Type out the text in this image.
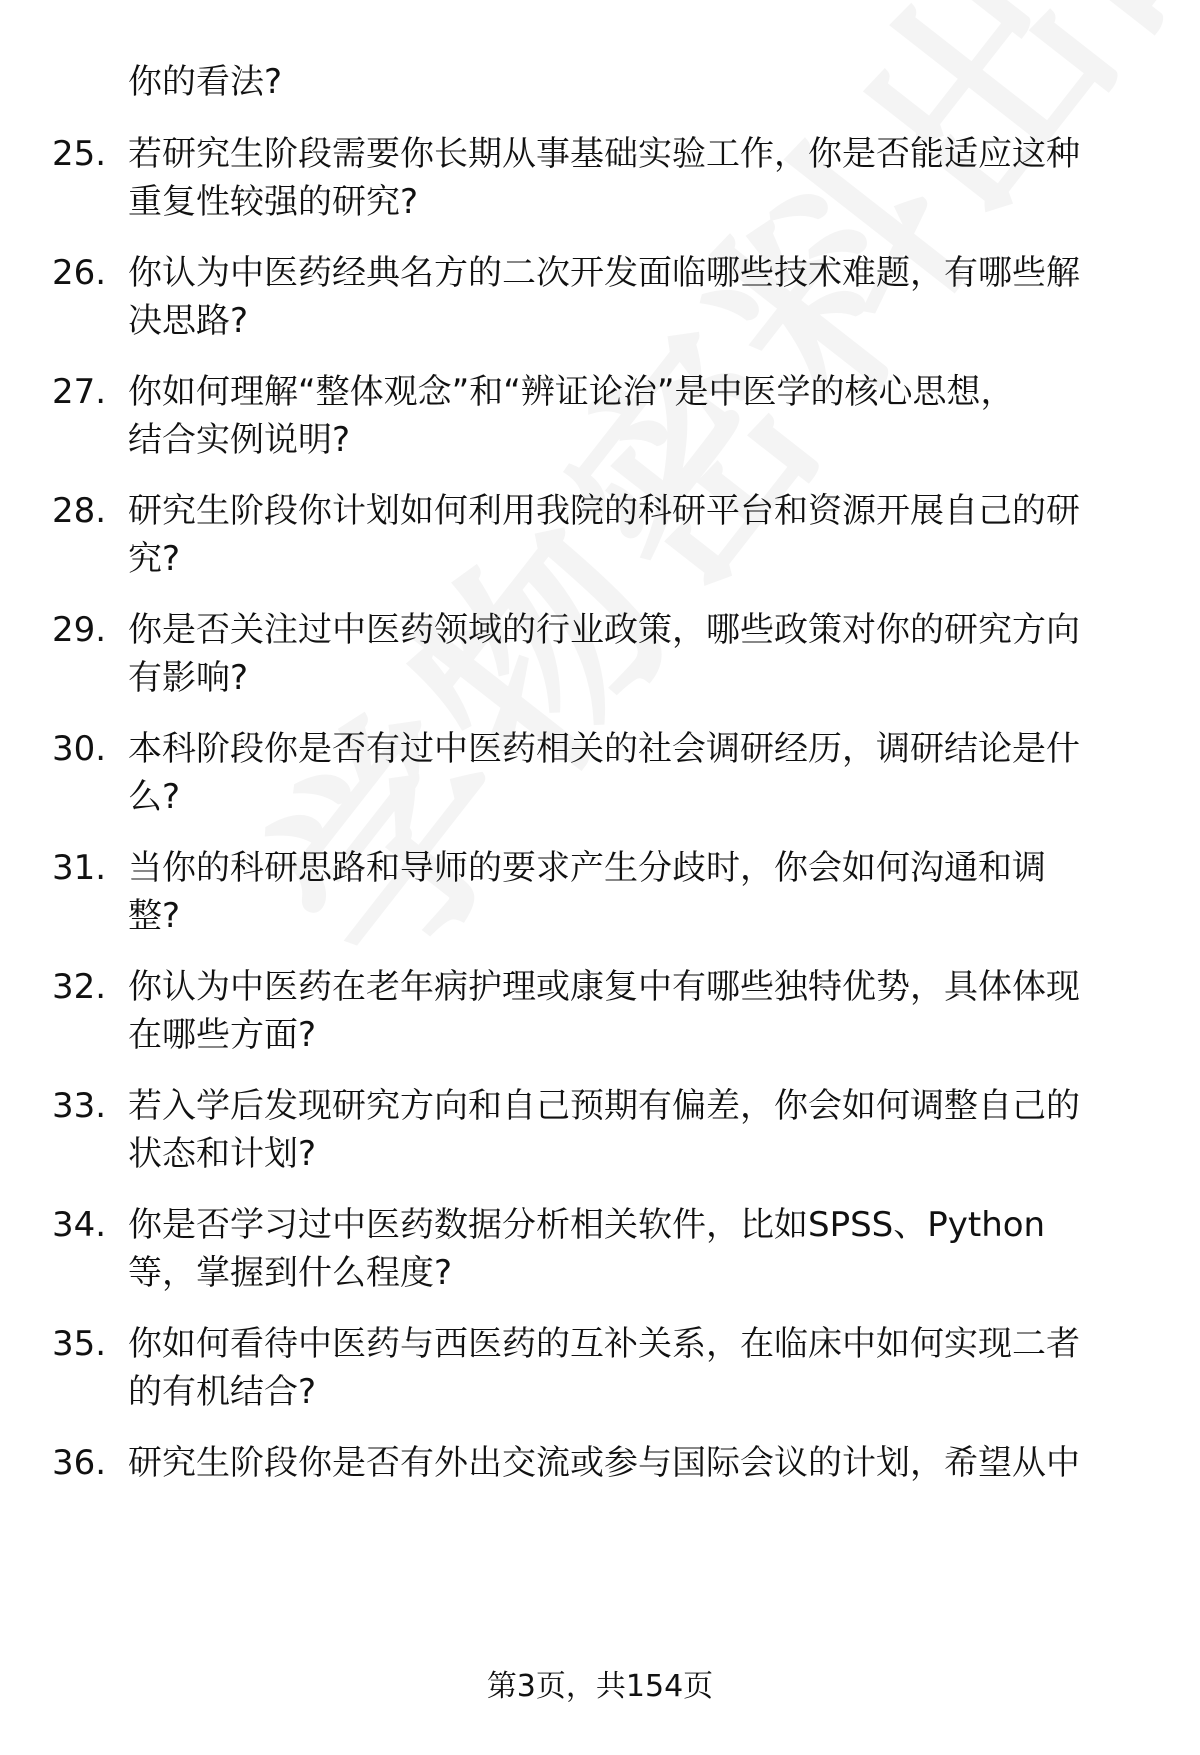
你的看法?
25. 若研究生阶段需要你长期从事基础实验工作，你是否能适应这种
重复性较强的研究?
26. 你认为中医药经典名方的二次开发面临哪些技术难题，有哪些解
决思路?
27. 你如何理解“整体观念”和“辨证论治”是中医学的核心思想，
结合实例说明?
28. 研究生阶段你计划如何利用我院的科研平台和资源开展自己的研
究?
29. 你是否关注过中医药领域的行业政策，哪些政策对你的研究方向
有影响?
30. 本科阶段你是否有过中医药相关的社会调研经历，调研结论是什
么?
31. 当你的科研思路和导师的要求产生分歧时，你会如何沟通和调
整?
32. 你认为中医药在老年病护理或康复中有哪些独特优势，具体体现
在哪些方面?
33. 若入学后发现研究方向和自己预期有偏差，你会如何调整自己的
状态和计划?
34. 你是否学习过中医药数据分析相关软件，比如SPSS、Python
等，掌握到什么程度?
35. 你如何看待中医药与西医药的互补关系，在临床中如何实现二者
的有机结合?
36. 研究生阶段你是否有外出交流或参与国际会议的计划，希望从中
第3页，共154页
